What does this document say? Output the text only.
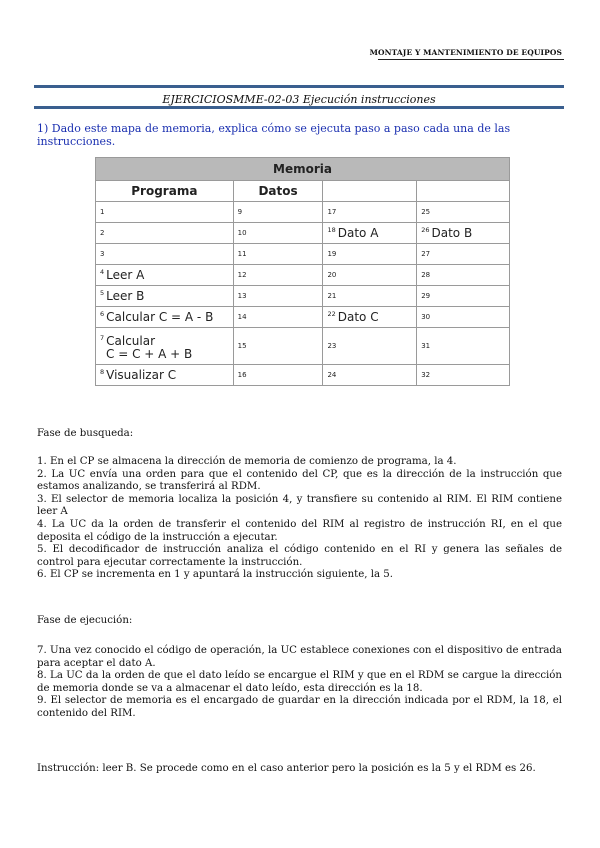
MONTAJE Y MANTENIMIENTO DE EQUIPOS
EJERCICIOSMME-02-03 Ejecución instrucciones
1) Dado este mapa de memoria, explica cómo se ejecuta paso a paso cada una de las instrucciones.
Memoria			
Programa	Datos		
1	9	17	25
2	10	$^{18}$ Dato A	$^{26}$ Dato B
3	11	19	27
$^4$ Leer A	12	20	28
$^5$ Leer B	13	21	29
$^6$ Calcular C = A - B	14	$^{22}$ Dato C	30
$^7$ Calcular
C = C + A + B	15	23	31
$^8$ Visualizar C	16	24	32
Fase de busqueda:

1. En el CP se almacena la dirección de memoria de comienzo de programa, la 4.

2. La UC envía una orden para que el contenido del CP, que es la dirección de la instrucción que estamos analizando, se transferirá al RDM.

3. El selector de memoria localiza la posición 4, y transfiere su contenido al RIM. El RIM contiene leer A

4. La UC da la orden de transferir el contenido del RIM al registro de instrucción RI, en el que deposita el código de la instrucción a ejecutar.

5. El decodificador de instrucción analiza el código contenido en el RI y genera las señales de control para ejecutar correctamente la instrucción.

6. El CP se incrementa en 1 y apuntará la instrucción siguiente, la 5.

Fase de ejecución:

7. Una vez conocido el código de operación, la UC establece conexiones con el dispositivo de entrada para aceptar el dato A.

8. La UC da la orden de que el dato leído se encargue el RIM y que en el RDM se cargue la dirección de memoria donde se va a almacenar el dato leído, esta dirección es la 18.

9. El selector de memoria es el encargado de guardar en la dirección indicada por el RDM, la 18, el contenido del RIM.

Instrucción: leer B. Se procede como en el caso anterior pero la posición es la 5 y el RDM es 26.
